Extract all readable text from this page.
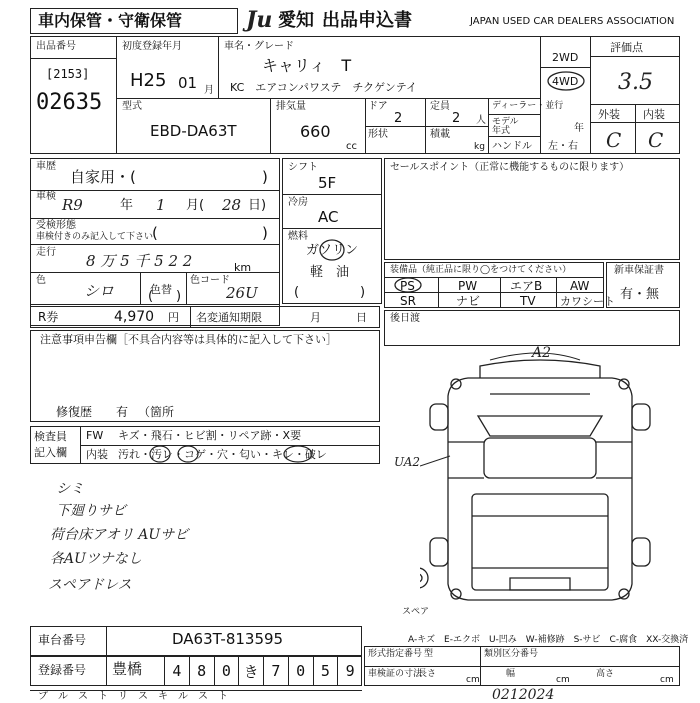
車内保管・守衛保管	Ju 愛知 出品申込書	JAPAN USED CAR DEALERS ASSOCIATION
出品番号
[2153]
02635
初度登録年月
H25 01 月
車名・グレード
キャリィ　T
KC　エアコンパワステ　チクゲンテイ
2WD
4WD
評価点
3.5
外装 内装
C C
型式
EBD-DA63T
排気量
660
cc
ドア
2
定員
2 人
形状	積載
kg
ディーラー・並行
モデル年式	年
ハンドル 左・右
車歴
自家用・(	)
車検 R9	年 1 月( 28 日)
受検形態
車検付きのみ記入して下さい
(	)
走行 8 万 5 千 5 2 2	km
色
シロ	色替
( )
色コード
26U
シフト
5F
冷房
AC
燃料
ガソリン
軽　油
(	)
セールスポイント（正常に機能するものに限ります）
装備品（純正品に限り◯をつけてください）
PS	PW	エアB AW
SR	ナビ	TV カワシート
新車保証書
有・無
R券	4,970 円 名変通知期限	月	日 後日渡
注意事項申告欄［不具合内容等は具体的に記入して下さい］
修復歴 有 （箇所
検査員
記入欄
FW キズ・飛石・ヒビ割・リペア跡・X要
内装 汚れ・汚レ・コゲ・穴・匂い・キレ・破レ
シミ
下廻りサビ
荷台床アオリ AUサビ
各AUツナなし
スペアドレス
A2
UA2
スペア
A-キズ　E-エクボ　U-凹み　W-補修跡　S-サビ　C-腐食　XX-交換済
車台番号	DA63T-813595
登録番号 豊橋	4	8	0 き 7	0	5	9
形式指定番号	類別区分番号
型
車検証の寸法
長さ	幅	高さ
cm	cm	cm
プ　ル　ス　ト　リ　ス　キ　ル　ス　ト	0212024
